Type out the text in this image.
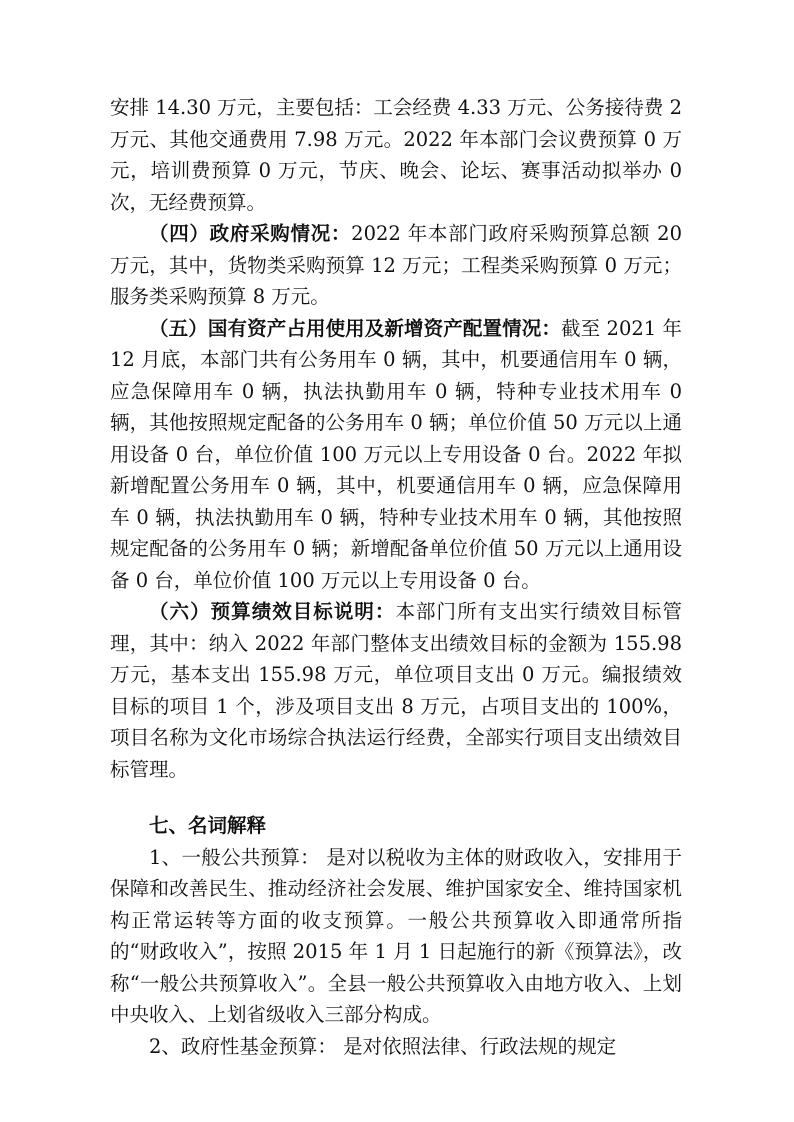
安排 14.30 万元，主要包括：工会经费 4.33 万元、公务接待费 2 万元、其他交通费用 7.98 万元。2022 年本部门会议费预算 0 万元，培训费预算 0 万元，节庆、晚会、论坛、赛事活动拟举办 0 次，无经费预算。

（四）政府采购情况：2022 年本部门政府采购预算总额 20 万元，其中，货物类采购预算 12 万元；工程类采购预算 0 万元；服务类采购预算 8 万元。

（五）国有资产占用使用及新增资产配置情况：截至 2021 年 12 月底，本部门共有公务用车 0 辆，其中，机要通信用车 0 辆，应急保障用车 0 辆，执法执勤用车 0 辆，特种专业技术用车 0 辆，其他按照规定配备的公务用车 0 辆；单位价值 50 万元以上通用设备 0 台，单位价值 100 万元以上专用设备 0 台。2022 年拟新增配置公务用车 0 辆，其中，机要通信用车 0 辆，应急保障用车 0 辆，执法执勤用车 0 辆，特种专业技术用车 0 辆，其他按照规定配备的公务用车 0 辆；新增配备单位价值 50 万元以上通用设备 0 台，单位价值 100 万元以上专用设备 0 台。

（六）预算绩效目标说明：本部门所有支出实行绩效目标管理，其中：纳入 2022 年部门整体支出绩效目标的金额为 155.98 万元，基本支出 155.98 万元，单位项目支出 0 万元。编报绩效目标的项目 1 个，涉及项目支出 8 万元，占项目支出的 100%，项目名称为文化市场综合执法运行经费，全部实行项目支出绩效目标管理。

七、名词解释

1、一般公共预算： 是对以税收为主体的财政收入，安排用于保障和改善民生、推动经济社会发展、维护国家安全、维持国家机构正常运转等方面的收支预算。一般公共预算收入即通常所指的“财政收入”，按照 2015 年 1 月 1 日起施行的新《预算法》，改称“一般公共预算收入”。全县一般公共预算收入由地方收入、上划中央收入、上划省级收入三部分构成。

2、政府性基金预算： 是对依照法律、行政法规的规定
